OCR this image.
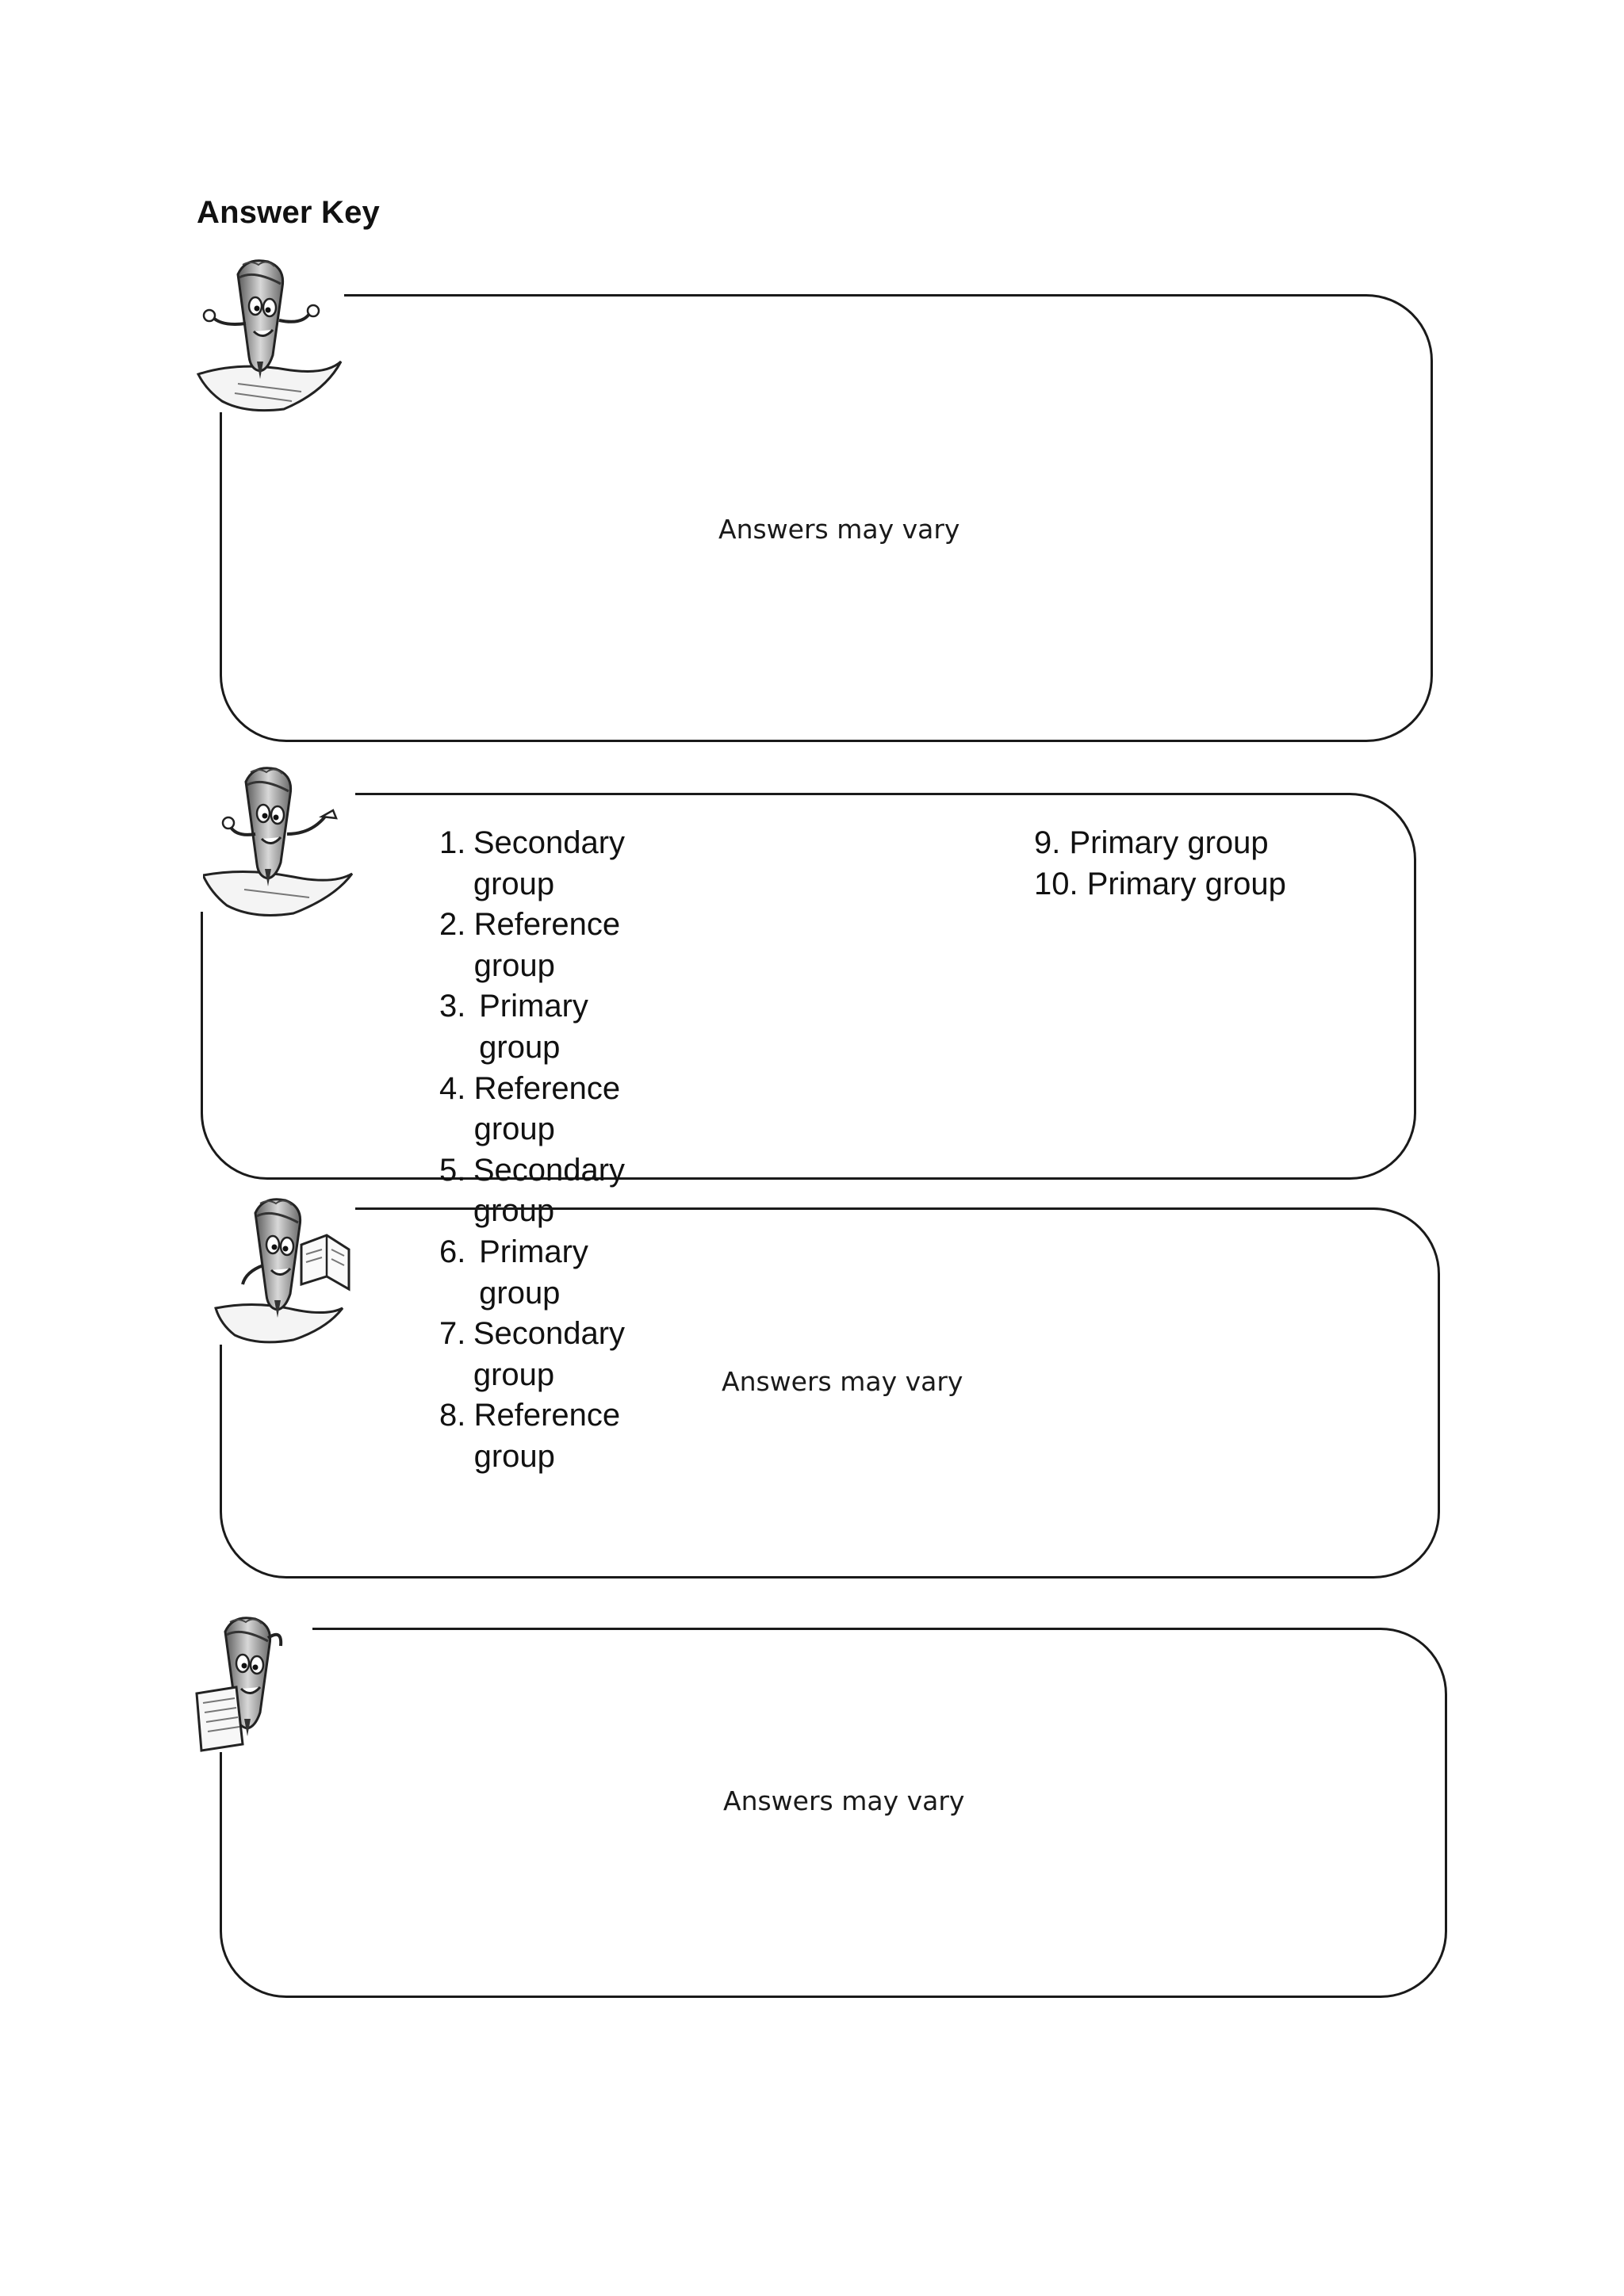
Answer Key
Answers may vary
1. Secondary group
2. Reference group
3. Primary group
4. Reference group
5. Secondary group
6. Primary group
7. Secondary group
8. Reference group
9. Primary group
10. Primary group
Answers may vary
Answers may vary
